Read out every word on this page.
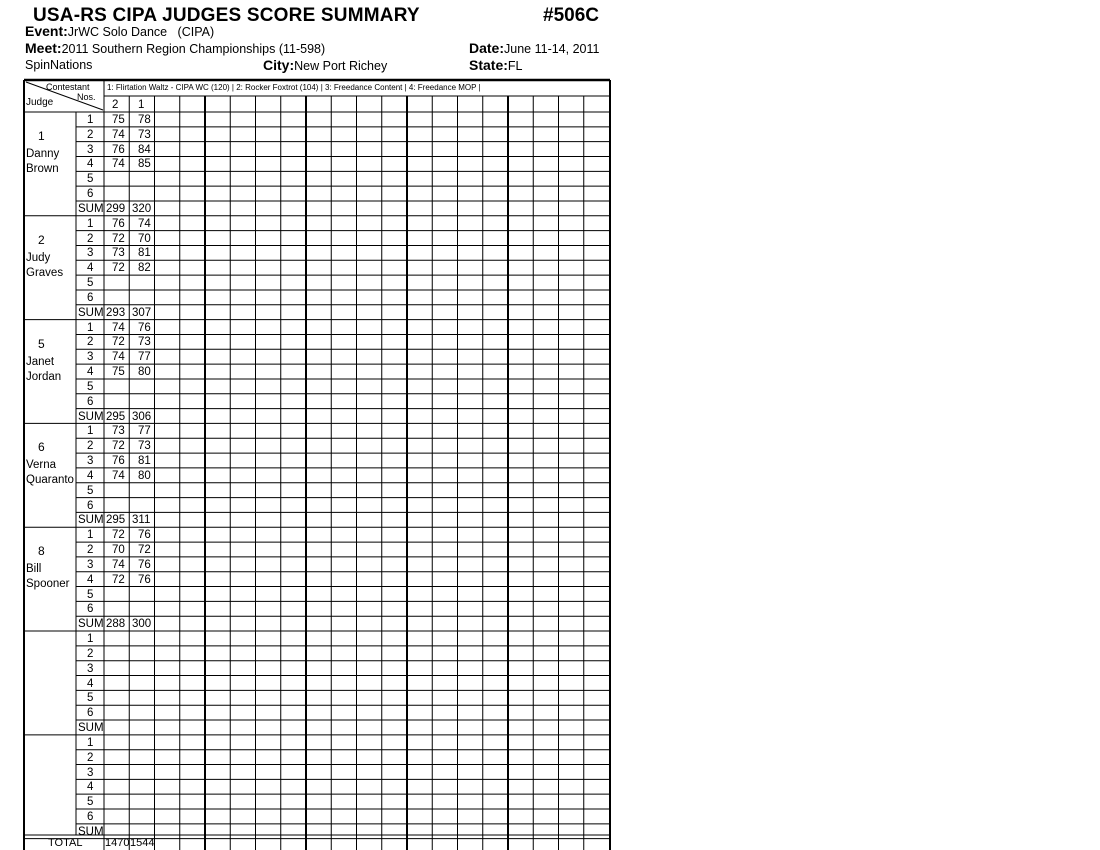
USA-RS CIPA JUDGES SCORE SUMMARY	#506C
Event:JrWC Solo Dance   (CIPA)
Meet:2011 Southern Region Championships (11-598)	Date:June 11-14, 2011
SpinNations	City:New Port Richey	State:FL
Contestant
Nos.
Judge
1: Flirtation Waltz - CIPA WC (120) | 2: Rocker Foxtrot (104) | 3: Freedance Content | 4: Freedance MOP |
2 1
1
Danny
Brown
1 75 78
2 74 73
3 76 84
4 74 85
5
6
SUM 299 320
2
Judy
Graves
1 76 74
2 72 70
3 73 81
4 72 82
5
6
SUM 293 307
5
Janet
Jordan
1 74 76
2 72 73
3 74 77
4 75 80
5
6
SUM 295 306
6
Verna
Quaranto
1 73 77
2 72 73
3 76 81
4 74 80
5
6
SUM 295 311
8
Bill
Spooner
1 72 76
2 70 72
3 74 76
4 72 76
5
6
SUM 288 300
1
2
3
4
5
6
SUM
1
2
3
4
5
6
SUM
TOTAL 1470 1544
